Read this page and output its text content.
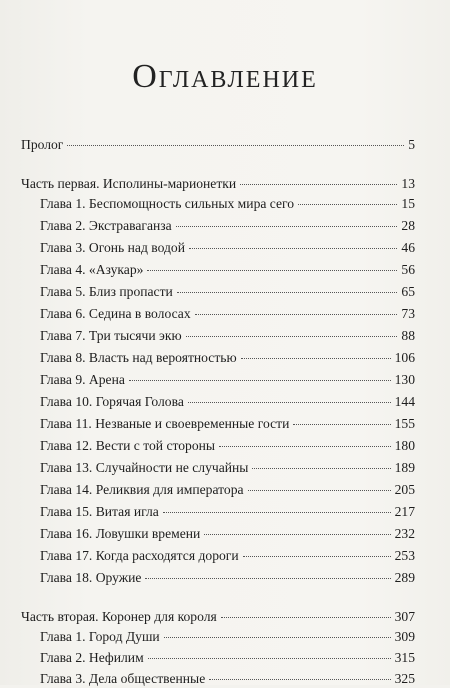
Оглавление
Пролог	5
Часть первая. Исполины-марионетки	13
Глава 1. Беспомощность сильных мира сего	15
Глава 2. Экстраваганза	28
Глава 3. Огонь над водой	46
Глава 4. «Азукар»	56
Глава 5. Близ пропасти	65
Глава 6. Седина в волосах	73
Глава 7. Три тысячи экю	88
Глава 8. Власть над вероятностью	106
Глава 9. Арена	130
Глава 10. Горячая Голова	144
Глава 11. Незваные и своевременные гости	155
Глава 12. Вести с той стороны	180
Глава 13. Случайности не случайны	189
Глава 14. Реликвия для императора	205
Глава 15. Витая игла	217
Глава 16. Ловушки времени	232
Глава 17. Когда расходятся дороги	253
Глава 18. Оружие	289
Часть вторая. Коронер для короля	307
Глава 1. Город Души	309
Глава 2. Нефилим	315
Глава 3. Дела общественные	325
